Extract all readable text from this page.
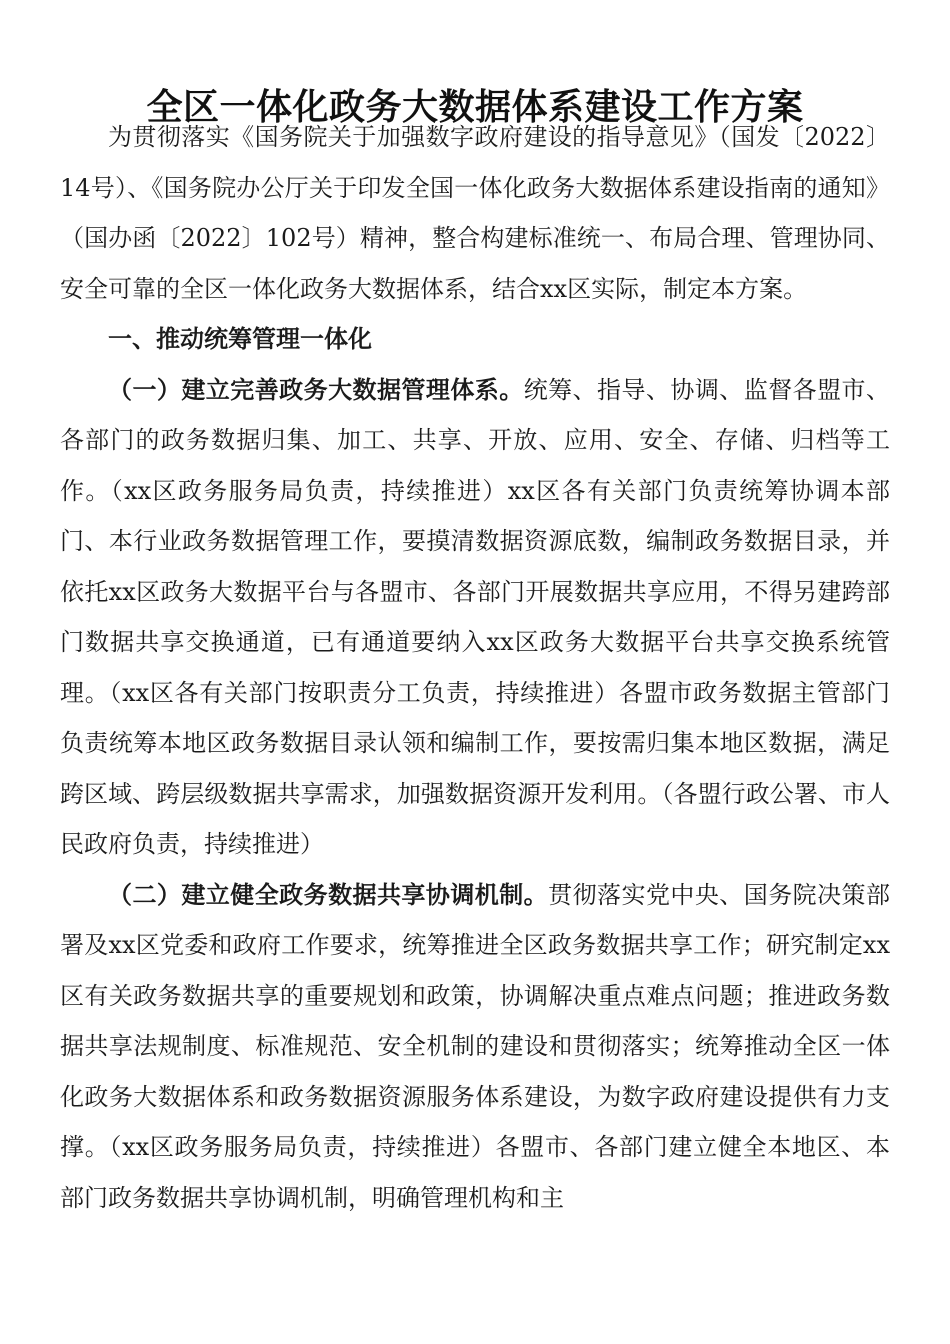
全区一体化政务大数据体系建设工作方案

为贯彻落实《国务院关于加强数字政府建设的指导意见》（国发〔2022〕14号）、《国务院办公厅关于印发全国一体化政务大数据体系建设指南的通知》（国办函〔2022〕102号）精神，整合构建标准统一、布局合理、管理协同、安全可靠的全区一体化政务大数据体系，结合xx区实际，制定本方案。

一、推动统筹管理一体化

（一）建立完善政务大数据管理体系。统筹、指导、协调、监督各盟市、各部门的政务数据归集、加工、共享、开放、应用、安全、存储、归档等工作。（xx区政务服务局负责，持续推进）xx区各有关部门负责统筹协调本部门、本行业政务数据管理工作，要摸清数据资源底数，编制政务数据目录，并依托xx区政务大数据平台与各盟市、各部门开展数据共享应用，不得另建跨部门数据共享交换通道，已有通道要纳入xx区政务大数据平台共享交换系统管理。（xx区各有关部门按职责分工负责，持续推进）各盟市政务数据主管部门负责统筹本地区政务数据目录认领和编制工作，要按需归集本地区数据，满足跨区域、跨层级数据共享需求，加强数据资源开发利用。（各盟行政公署、市人民政府负责，持续推进）

（二）建立健全政务数据共享协调机制。贯彻落实党中央、国务院决策部署及xx区党委和政府工作要求，统筹推进全区政务数据共享工作；研究制定xx区有关政务数据共享的重要规划和政策，协调解决重点难点问题；推进政务数据共享法规制度、标准规范、安全机制的建设和贯彻落实；统筹推动全区一体化政务大数据体系和政务数据资源服务体系建设，为数字政府建设提供有力支撑。（xx区政务服务局负责，持续推进）各盟市、各部门建立健全本地区、本部门政务数据共享协调机制，明确管理机构和主
